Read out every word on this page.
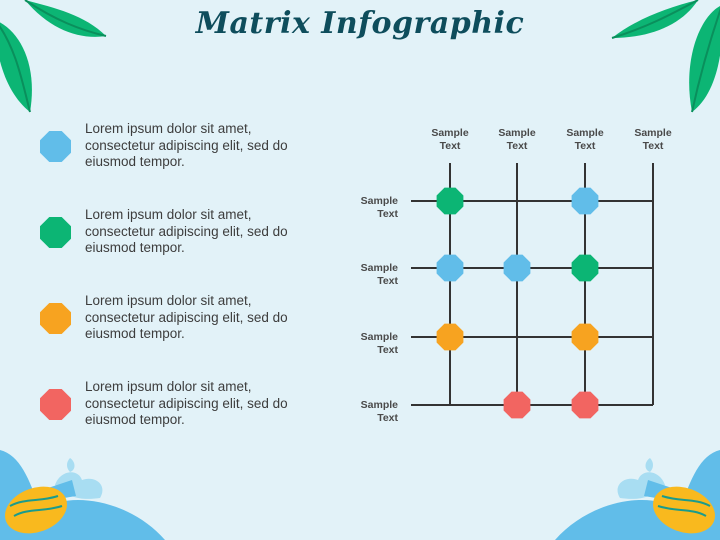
Matrix Infographic
Lorem ipsum dolor sit amet, consectetur adipiscing elit, sed do eiusmod tempor.
Lorem ipsum dolor sit amet, consectetur adipiscing elit, sed do eiusmod tempor.
Lorem ipsum dolor sit amet, consectetur adipiscing elit, sed do eiusmod tempor.
Lorem ipsum dolor sit amet, consectetur adipiscing elit, sed do eiusmod tempor.
Sample Text
Sample Text
Sample Text
Sample Text
Sample Text
Sample Text
Sample Text
Sample Text
